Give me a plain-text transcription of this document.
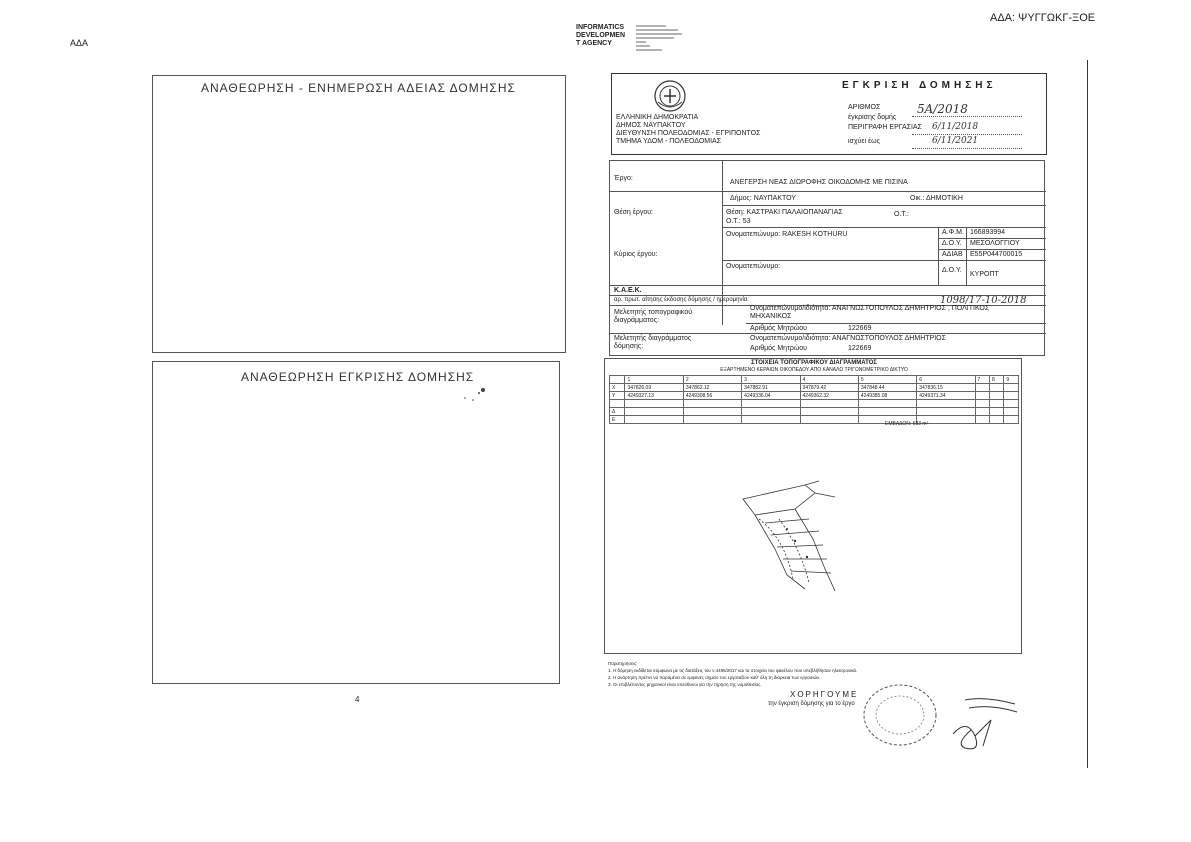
ΑΔΑ: ΨΥΓΓΩΚΓ-ΞΟΕ
ΑΔΑ
INFORMATICS
DEVELOPMEN
T AGENCY
ΑΝΑΘΕΩΡΗΣΗ - ΕΝΗΜΕΡΩΣΗ ΑΔΕΙΑΣ ΔΟΜΗΣΗΣ
ΑΝΑΘΕΩΡΗΣΗ ΕΓΚΡΙΣΗΣ ΔΟΜΗΣΗΣ
4
ΕΛΛΗΝΙΚΗ ΔΗΜΟΚΡΑΤΙΑ
ΔΗΜΟΣ ΝΑΥΠΑΚΤΟΥ
ΔΙΕΥΘΥΝΣΗ ΠΟΛΕΟΔΟΜΙΑΣ - ΕΓΡΙΠΟΝΤΟΣ
ΤΜΗΜΑ ΥΔΟΜ - ΠΟΛΕΟΔΟΜΙΑΣ
ΕΓΚΡΙΣΗ ΔΟΜΗΣΗΣ
ΑΡΙΘΜΟΣ	5Α/2018
έγκρισης δομής
ΠΕΡΙΓΡΑΦΗ ΕΡΓΑΣΙΑΣ 6/11/2018
ισχύει έως	6/11/2021
Έργο:
ΑΝΕΓΕΡΣΗ ΝΕΑΣ ΔΙΩΡΟΦΗΣ ΟΙΚΟΔΟΜΗΣ ΜΕ ΠΙΣΙΝΑ
Θέση έργου:
Δήμος: ΝΑΥΠΑΚΤΟΥ	Οικ.: ΔΗΜΟΤΙΚΗ
Θέση: ΚΑΣΤΡΑΚΙ ΠΑΛΑΙΟΠΑΝΑΓΙΑΣ
Ο.Τ.: 53
Ο.Τ.:
Κύριος έργου:
Ονοματεπώνυμο: RAKESH KOTHURU	Α.Φ.Μ. 166893994
Δ.Ο.Υ. ΜΕΣΟΛΟΓΓΙΟΥ
ΑΔΙΑΒ E55P044700015
Ονοματεπώνυμο:
Δ.Ο.Υ.
ΚΥΡΟΠΤ
Κ.Α.Ε.Κ.
αρ. πρωτ. αίτησης έκδοσης δόμησης / ημερομηνία:	1098/17-10-2018
Μελετητής τοπογραφικού διαγράμματος:
Ονοματεπώνυμο/ιδιότητα: ΑΝΑΓΝΩΣΤΟΠΟΥΛΟΣ ΔΗΜΗΤΡΙΟΣ , ΠΟΛΙΤΙΚΟΣ ΜΗΧΑΝΙΚΟΣ
Αριθμός Μητρώου	122669
Μελετητής διαγράμματος δόμησης:
Ονοματεπώνυμο/ιδιότητα: ΑΝΑΓΝΩΣΤΟΠΟΥΛΟΣ ΔΗΜΗΤΡΙΟΣ
Αριθμός Μητρώου	122669
ΣΤΟΙΧΕΙΑ ΤΟΠΟΓΡΑΦΙΚΟΥ ΔΙΑΓΡΑΜΜΑΤΟΣ
ΕΞΑΡΤΗΜΕΝΟ ΚΕΡΑΙΩΝ ΟΙΚΟΠΕΔΟΥ ΑΠΟ ΚΑΝΑΛΩ ΤΡΙΓΩΝΟΜΕΤΡΙΚΟ ΔΙΚΤΥΟ
	1	2	3	4	5	6	7	8	9
X	347826.09	347862.12	347882.91	347879.42	347848.44	347836.15			
Y	4249327.13	4249308.56	4249336.04	4249362.32	4249385.08	4249371.34			

Δ									
Ε									
ΕΜΒΑΔΟΝ: 683 m²
Παρατηρήσεις:
1. Η δόμηση εκδίδεται σύμφωνα με τις διατάξεις του ν.4495/2017 και τα στοιχεία του φακέλου που υπεβλήθησαν ηλεκτρονικά.
2. Η ανάρτηση πρέπει να παραμένει σε εμφανές σημείο του εργοταξίου καθ' όλη τη διάρκεια των εργασιών.
3. Οι επιβλέποντες μηχανικοί είναι υπεύθυνοι για την τήρηση της νομοθεσίας.
ΧΟΡΗΓΟΥΜΕ
την έγκριση δόμησης για το έργο
